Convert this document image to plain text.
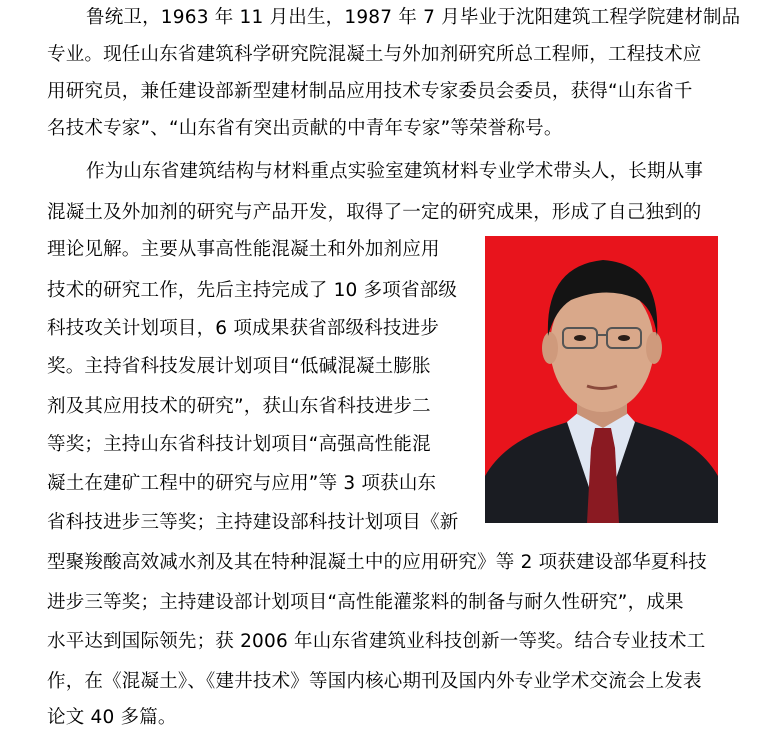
鲁统卫，1963 年 11 月出生，1987 年 7 月毕业于沈阳建筑工程学院建材制品
专业。现任山东省建筑科学研究院混凝土与外加剂研究所总工程师，工程技术应
用研究员，兼任建设部新型建材制品应用技术专家委员会委员，获得“山东省千
名技术专家”、“山东省有突出贡献的中青年专家”等荣誉称号。
作为山东省建筑结构与材料重点实验室建筑材料专业学术带头人，长期从事
混凝土及外加剂的研究与产品开发，取得了一定的研究成果，形成了自己独到的
理论见解。主要从事高性能混凝土和外加剂应用
技术的研究工作，先后主持完成了 10 多项省部级
科技攻关计划项目，6 项成果获省部级科技进步
奖。主持省科技发展计划项目“低碱混凝土膨胀
剂及其应用技术的研究”，获山东省科技进步二
等奖；主持山东省科技计划项目“高强高性能混
凝土在建矿工程中的研究与应用”等 3 项获山东
省科技进步三等奖；主持建设部科技计划项目《新
型聚羧酸高效减水剂及其在特种混凝土中的应用研究》等 2 项获建设部华夏科技
进步三等奖；主持建设部计划项目“高性能灌浆料的制备与耐久性研究”，成果
水平达到国际领先；获 2006 年山东省建筑业科技创新一等奖。结合专业技术工
作，在《混凝土》、《建井技术》等国内核心期刊及国内外专业学术交流会上发表
论文 40 多篇。
